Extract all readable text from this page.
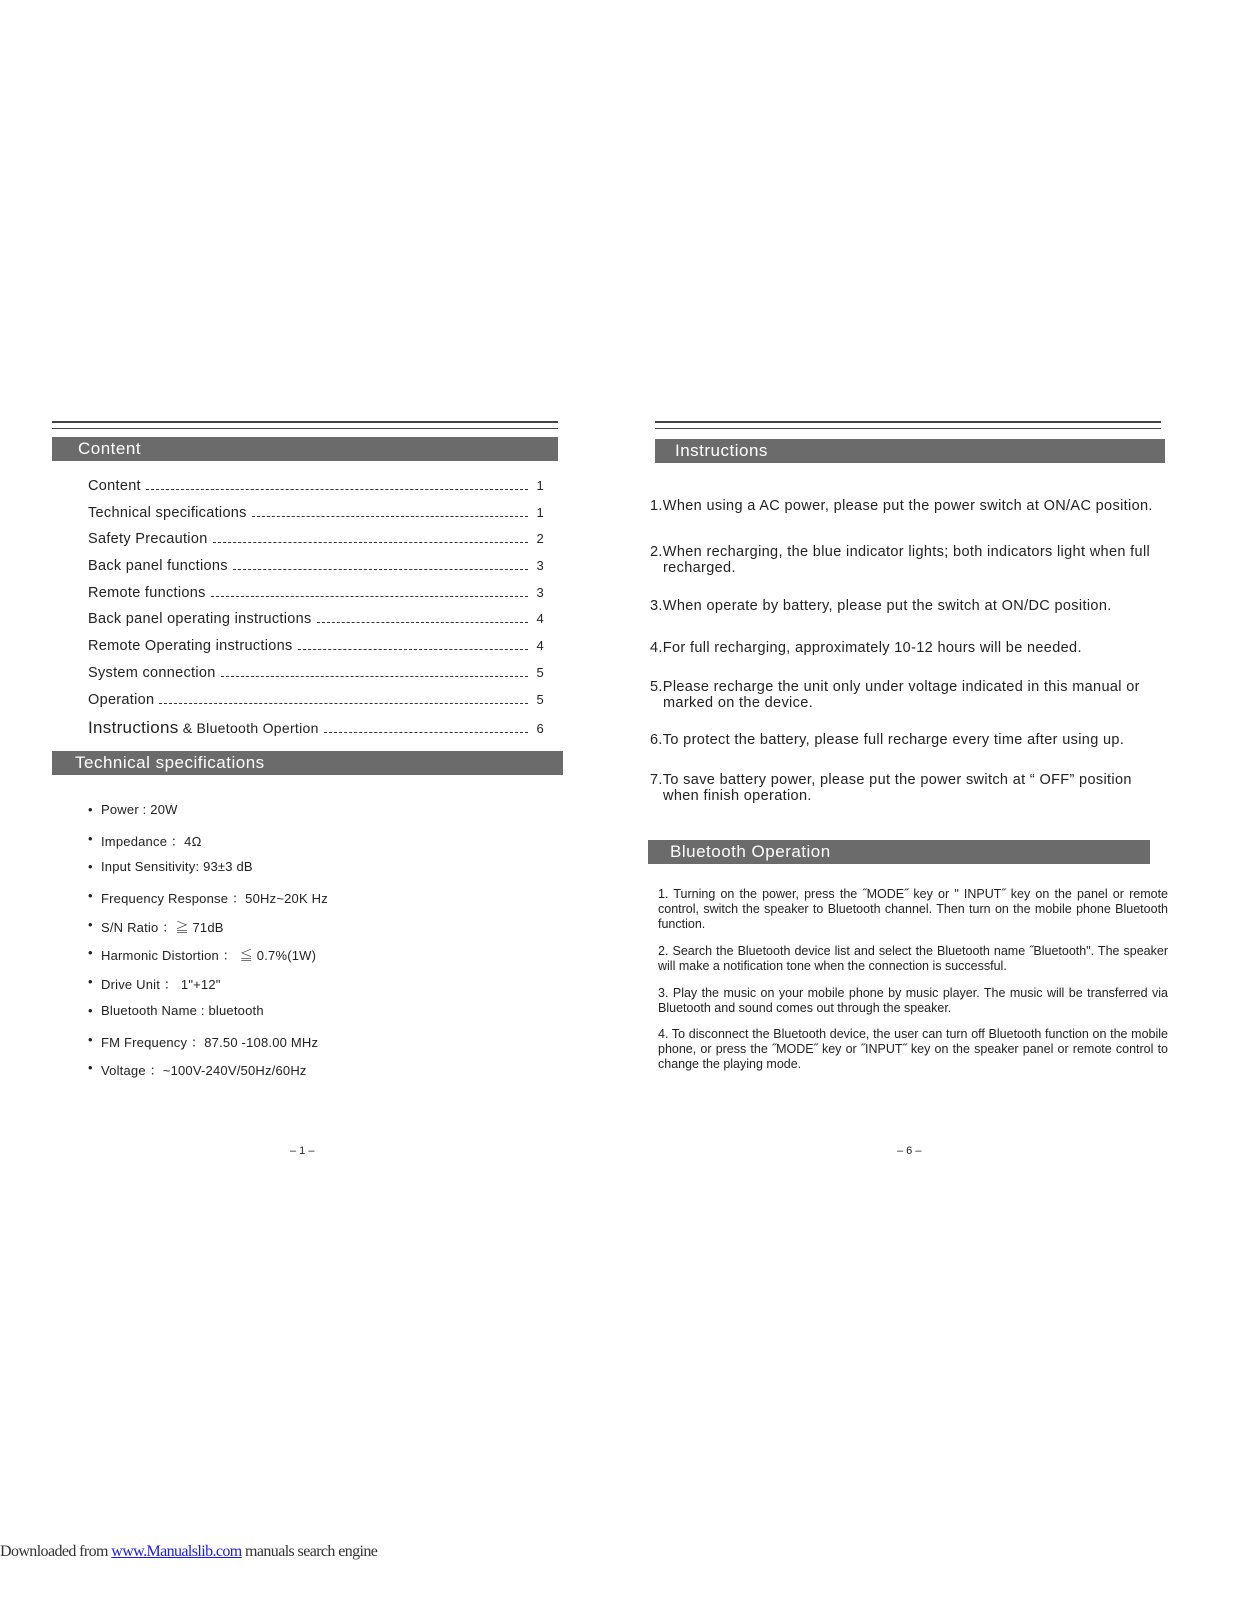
Content
Content	1
Technical specifications	1
Safety Precaution	2
Back panel functions	3
Remote functions	3
Back panel operating instructions	4
Remote Operating instructions	4
System connection	5
Operation	5
Instructions & Bluetooth Opertion	6
Technical specifications
• Power : 20W
• Impedance ：4Ω
• Input Sensitivity: 93±3 dB
• Frequency Response ：50Hz~20K Hz
• S/N Ratio ：≧ 71dB
• Harmonic Distortion ： ≦ 0.7%(1W)
• Drive Unit ： 1"+12"
• Bluetooth Name : bluetooth
• FM Frequency ：87.50 -108.00 MHz
• Voltage ：~100V-240V/50Hz/60Hz
– 1 –
Instructions

1.When using a AC power, please put the power switch at ON/AC position.

2.When recharging, the blue indicator lights; both indicators light when full
recharged.

3.When operate by battery, please put the switch at ON/DC position.

4.For full recharging, approximately 10-12 hours will be needed.

5.Please recharge the unit only under voltage indicated in this manual or
marked on the device.

6.To protect the battery, please full recharge every time after using up.

7.To save battery power, please put the power switch at “ OFF” position
when finish operation.

Bluetooth Operation

1. Turning on the power, press the ˝MODE˝ key or " INPUT˝ key on the panel or remote control, switch the speaker to Bluetooth channel. Then turn on the mobile phone Bluetooth function.

2. Search the Bluetooth device list and select the Bluetooth name ˝Bluetooth". The speaker will make a notification tone when the connection is successful.

3. Play the music on your mobile phone by music player. The music will be transferred via Bluetooth and sound comes out through the speaker.

4. To disconnect the Bluetooth device, the user can turn off Bluetooth function on the mobile phone, or press the ˝MODE˝ key or ˝INPUT˝ key on the speaker panel or remote control to change the playing mode.

– 6 –
Downloaded from www.Manualslib.com manuals search engine
